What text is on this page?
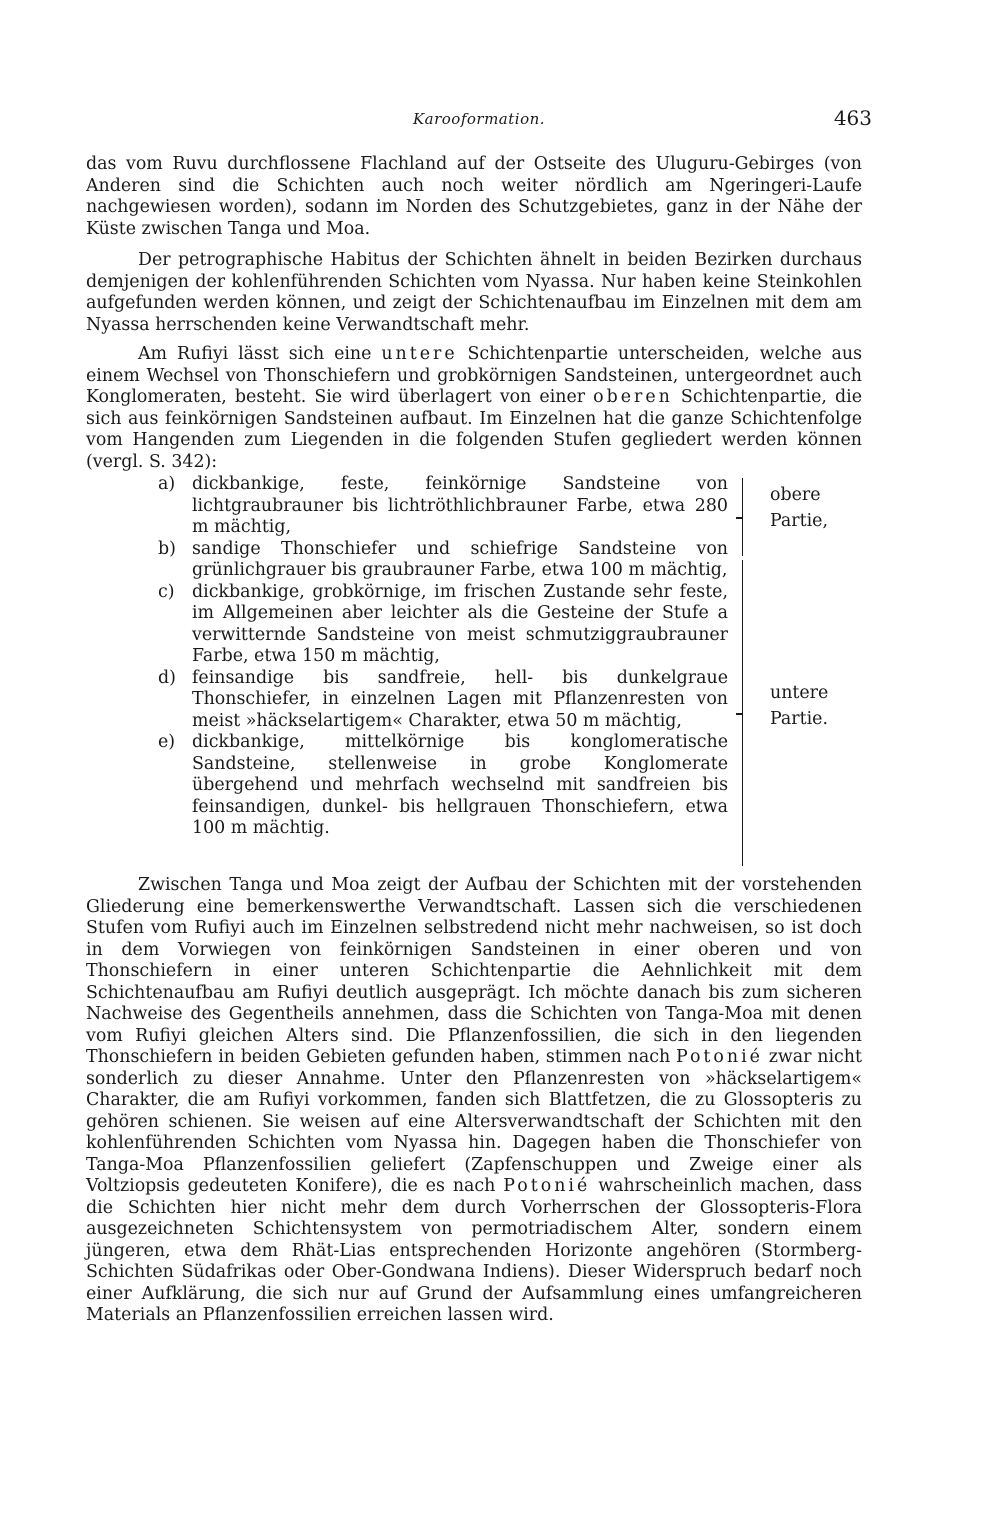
Karooformation.	463

das vom Ruvu durchflossene Flachland auf der Ostseite des Uluguru-Gebirges (von Anderen sind die Schichten auch noch weiter nördlich am Ngeringeri-Laufe nachgewiesen worden), sodann im Norden des Schutzgebietes, ganz in der Nähe der Küste zwischen Tanga und Moa.

Der petrographische Habitus der Schichten ähnelt in beiden Bezirken durchaus demjenigen der kohlenführenden Schichten vom Nyassa. Nur haben keine Steinkohlen aufgefunden werden können, und zeigt der Schichtenaufbau im Einzelnen mit dem am Nyassa herrschenden keine Verwandtschaft mehr.

Am Rufiyi lässt sich eine untere Schichtenpartie unterscheiden, welche aus einem Wechsel von Thonschiefern und grobkörnigen Sandsteinen, untergeordnet auch Konglomeraten, besteht. Sie wird überlagert von einer oberen Schichtenpartie, die sich aus feinkörnigen Sandsteinen aufbaut. Im Einzelnen hat die ganze Schichtenfolge vom Hangenden zum Liegenden in die folgenden Stufen gegliedert werden können (vergl. S. 342):

a) dickbankige, feste, feinkörnige Sandsteine von lichtgraubrauner bis lichtröthlichbrauner Farbe, etwa 280 m mächtig,
b) sandige Thonschiefer und schiefrige Sandsteine von grünlichgrauer bis graubrauner Farbe, etwa 100 m mächtig,
c) dickbankige, grobkörnige, im frischen Zustande sehr feste, im Allgemeinen aber leichter als die Gesteine der Stufe a verwitternde Sandsteine von meist schmutziggraubrauner Farbe, etwa 150 m mächtig,
d) feinsandige bis sandfreie, hell- bis dunkelgraue Thonschiefer, in einzelnen Lagen mit Pflanzenresten von meist »häckselartigem« Charakter, etwa 50 m mächtig,
e) dickbankige, mittelkörnige bis konglomeratische Sandsteine, stellenweise in grobe Konglomerate übergehend und mehrfach wechselnd mit sandfreien bis feinsandigen, dunkel- bis hellgrauen Thonschiefern, etwa 100 m mächtig.
obere
Partie,
untere
Partie.

Zwischen Tanga und Moa zeigt der Aufbau der Schichten mit der vorstehenden Gliederung eine bemerkenswerthe Verwandtschaft. Lassen sich die verschiedenen Stufen vom Rufiyi auch im Einzelnen selbstredend nicht mehr nachweisen, so ist doch in dem Vorwiegen von feinkörnigen Sandsteinen in einer oberen und von Thonschiefern in einer unteren Schichtenpartie die Aehnlichkeit mit dem Schichtenaufbau am Rufiyi deutlich ausgeprägt. Ich möchte danach bis zum sicheren Nachweise des Gegentheils annehmen, dass die Schichten von Tanga-Moa mit denen vom Rufiyi gleichen Alters sind. Die Pflanzenfossilien, die sich in den liegenden Thonschiefern in beiden Gebieten gefunden haben, stimmen nach Potonié zwar nicht sonderlich zu dieser Annahme. Unter den Pflanzenresten von »häckselartigem« Charakter, die am Rufiyi vorkommen, fanden sich Blattfetzen, die zu Glossopteris zu gehören schienen. Sie weisen auf eine Altersverwandtschaft der Schichten mit den kohlenführenden Schichten vom Nyassa hin. Dagegen haben die Thonschiefer von Tanga-Moa Pflanzenfossilien geliefert (Zapfenschuppen und Zweige einer als Voltziopsis gedeuteten Konifere), die es nach Potonié wahrscheinlich machen, dass die Schichten hier nicht mehr dem durch Vorherrschen der Glossopteris-Flora ausgezeichneten Schichtensystem von permotriadischem Alter, sondern einem jüngeren, etwa dem Rhät-Lias entsprechenden Horizonte angehören (Stormberg-Schichten Südafrikas oder Ober-Gondwana Indiens). Dieser Widerspruch bedarf noch einer Aufklärung, die sich nur auf Grund der Aufsammlung eines umfangreicheren Materials an Pflanzenfossilien erreichen lassen wird.
